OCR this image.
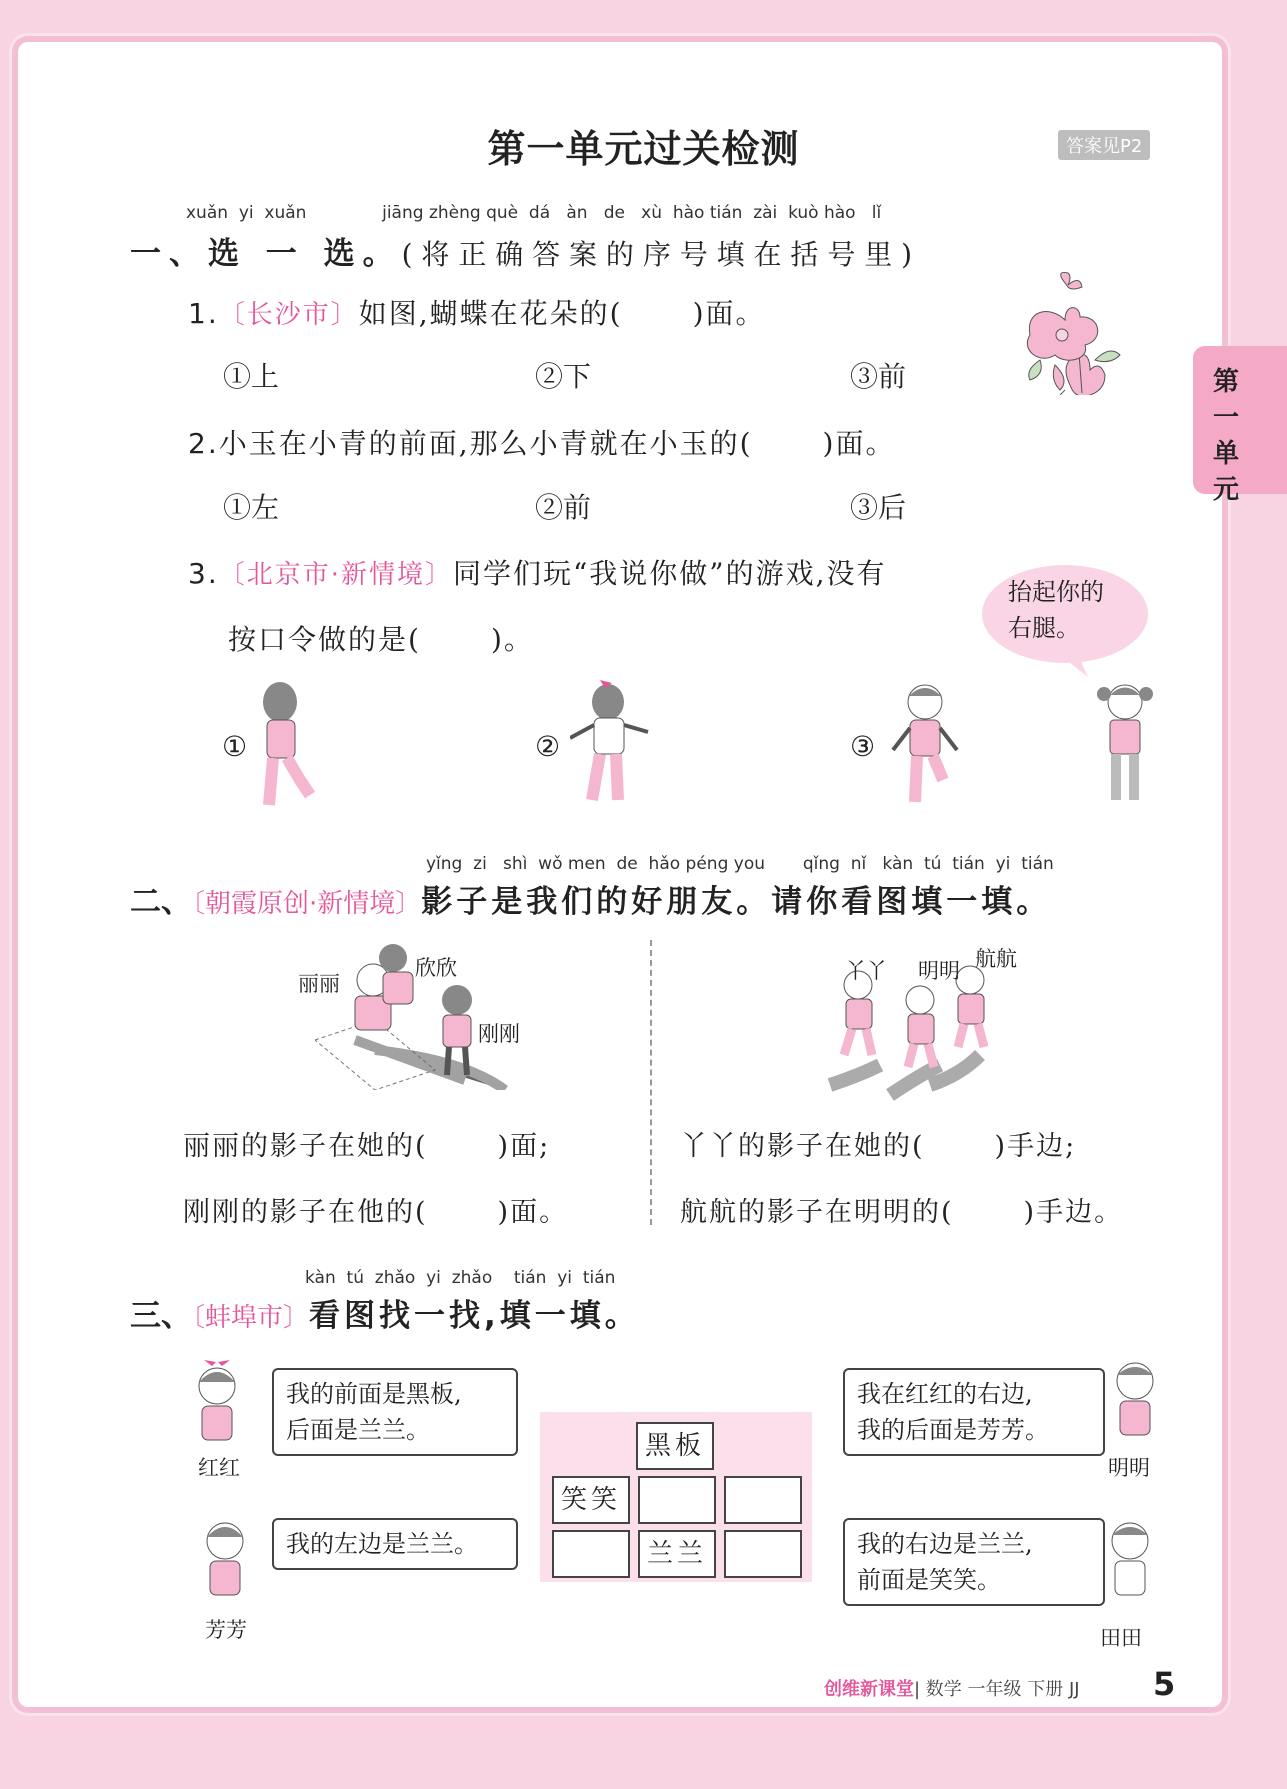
第一单元过关检测	答案见P2
第一单元
xuǎn  yi  xuǎn              jiāng zhèng què  dá   àn   de   xù  hào tián  zài  kuò hào   lǐ
一、选 一 选。( 将 正 确 答 案 的 序 号 填 在 括 号 里 )
1.〔长沙市〕如图,蝴蝶在花朵的(	)面。
①上	②下	③前
2.小玉在小青的前面,那么小青就在小玉的(	)面。
①左	②前	③后
3.〔北京市·新情境〕同学们玩“我说你做”的游戏,没有
按口令做的是(	)。
抬起你的
右腿。
①	②	③
yǐng  zi   shì  wǒ men  de  hǎo péng you       qǐng  nǐ   kàn  tú  tián  yi  tián
二、〔朝霞原创·新情境〕影子是我们的好朋友。请你看图填一填。
丽丽
欣欣
刚刚
丫丫 明明 航航
丽丽的影子在她的(	)面;
刚刚的影子在他的(	)面。
丫丫的影子在她的(	)手边;
航航的影子在明明的(	)手边。
kàn  tú  zhǎo  yi  zhǎo    tián  yi  tián
三、〔蚌埠市〕看图找一找,填一填。
红红
我的前面是黑板,
后面是兰兰。
芳芳
我的左边是兰兰。
明明
我在红红的右边,
我的后面是芳芳。
田田
我的右边是兰兰,
前面是笑笑。
黑板
笑笑
兰兰
创维新课堂| 数学 一年级 下册 JJ 5
